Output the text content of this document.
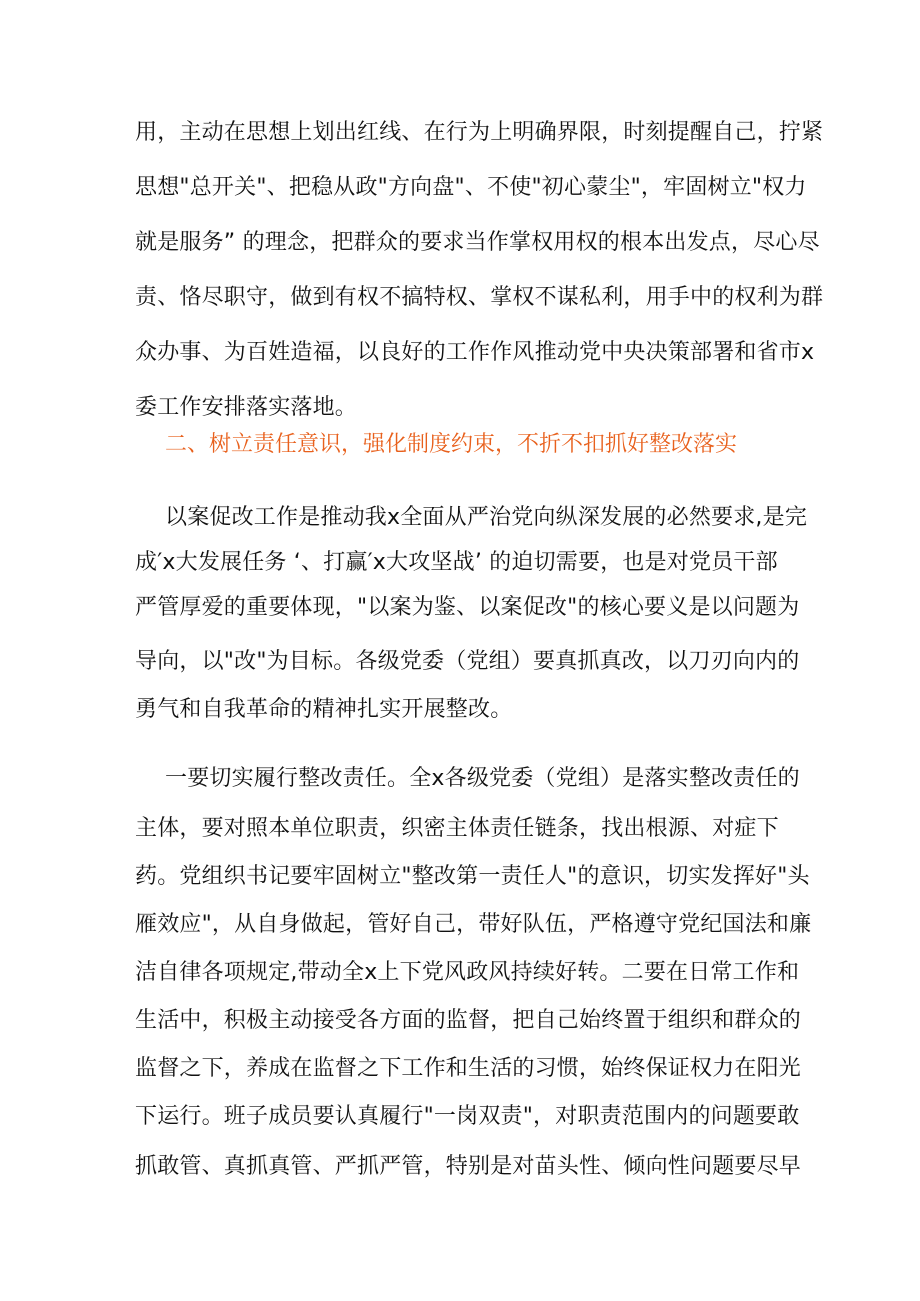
用，主动在思想上划出红线、在行为上明确界限，时刻提醒自己，拧紧
思想"总开关"、把稳从政"方向盘"、不使"初心蒙尘"，牢固树立"权力
就是服务” 的理念，把群众的要求当作掌权用权的根本出发点，尽心尽
责、恪尽职守，做到有权不搞特权、掌权不谋私利，用手中的权利为群
众办事、为百姓造福，以良好的工作作风推动党中央决策部署和省市x
委工作安排落实落地。
二、树立责任意识，强化制度约束，不折不扣抓好整改落实
以案促改工作是推动我x全面从严治党向纵深发展的必然要求,是完
成′x大发展任务 ‘、打赢′x大攻坚战’ 的迫切需要，也是对党员干部
严管厚爱的重要体现，"以案为鉴、以案促改"的核心要义是以问题为
导向，以"改"为目标。各级党委（党组）要真抓真改，以刀刃向内的
勇气和自我革命的精神扎实开展整改。
一要切实履行整改责任。全x各级党委（党组）是落实整改责任的
主体，要对照本单位职责，织密主体责任链条，找出根源、对症下
药。党组织书记要牢固树立"整改第一责任人"的意识，切实发挥好"头
雁效应"，从自身做起，管好自己，带好队伍，严格遵守党纪国法和廉
洁自律各项规定,带动全x上下党风政风持续好转。二要在日常工作和
生活中，积极主动接受各方面的监督，把自己始终置于组织和群众的
监督之下，养成在监督之下工作和生活的习惯，始终保证权力在阳光
下运行。班子成员要认真履行"一岗双责"，对职责范围内的问题要敢
抓敢管、真抓真管、严抓严管，特别是对苗头性、倾向性问题要尽早
